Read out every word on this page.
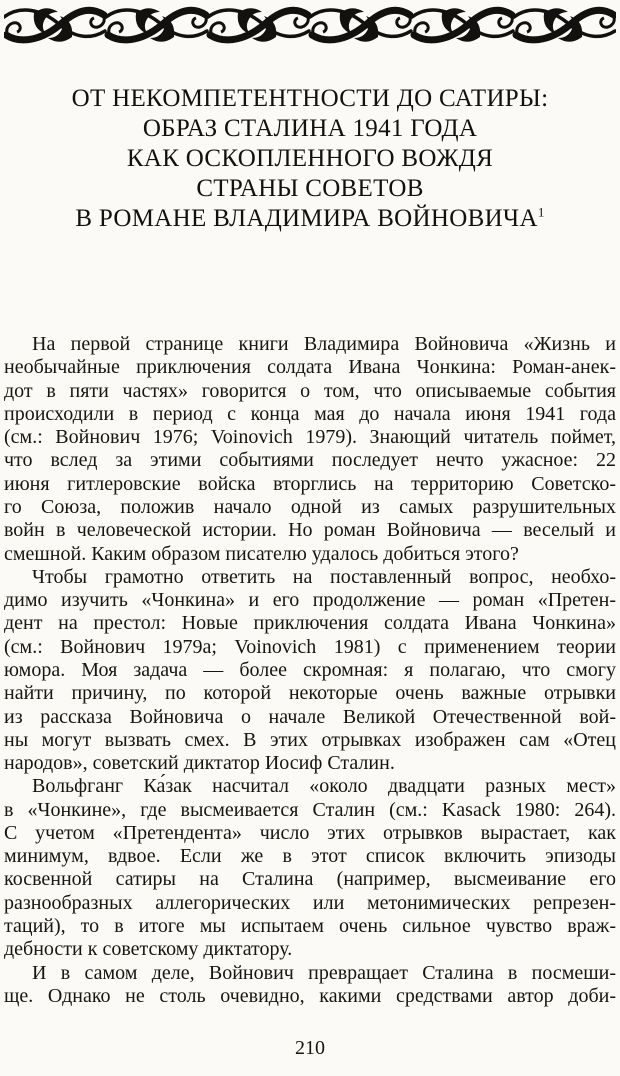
ОТ НЕКОМПЕТЕНТНОСТИ ДО САТИРЫ:
ОБРАЗ СТАЛИНА 1941 ГОДА
КАК ОСКОПЛЕННОГО ВОЖДЯ
СТРАНЫ СОВЕТОВ
В РОМАНЕ ВЛАДИМИРА ВОЙНОВИЧА$^1$
На первой странице книги Владимира Войновича «Жизнь и
необычайные приключения солдата Ивана Чонкина: Роман-анек-
дот в пяти частях» говорится о том, что описываемые события
происходили в период с конца мая до начала июня 1941 года
(см.: Войнович 1976; Voinovich 1979). Знающий читатель поймет,
что вслед за этими событиями последует нечто ужасное: 22
июня гитлеровские войска вторглись на территорию Советско-
го Союза, положив начало одной из самых разрушительных
войн в человеческой истории. Но роман Войновича — веселый и
смешной. Каким образом писателю удалось добиться этого?
Чтобы грамотно ответить на поставленный вопрос, необхо-
димо изучить «Чонкина» и его продолжение — роман «Претен-
дент на престол: Новые приключения солдата Ивана Чонкина»
(см.: Войнович 1979а; Voinovich 1981) с применением теории
юмора. Моя задача — более скромная: я полагаю, что смогу
найти причину, по которой некоторые очень важные отрывки
из рассказа Войновича о начале Великой Отечественной вой-
ны могут вызвать смех. В этих отрывках изображен сам «Отец
народов», советский диктатор Иосиф Сталин.
Вольфганг Ка́зак насчитал «около двадцати разных мест»
в «Чонкине», где высмеивается Сталин (см.: Kasack 1980: 264).
С учетом «Претендента» число этих отрывков вырастает, как
минимум, вдвое. Если же в этот список включить эпизоды
косвенной сатиры на Сталина (например, высмеивание его
разнообразных аллегорических или метонимических репрезен-
таций), то в итоге мы испытаем очень сильное чувство враж-
дебности к советскому диктатору.
И в самом деле, Войнович превращает Сталина в посмеши-
ще. Однако не столь очевидно, какими средствами автор доби-
210
